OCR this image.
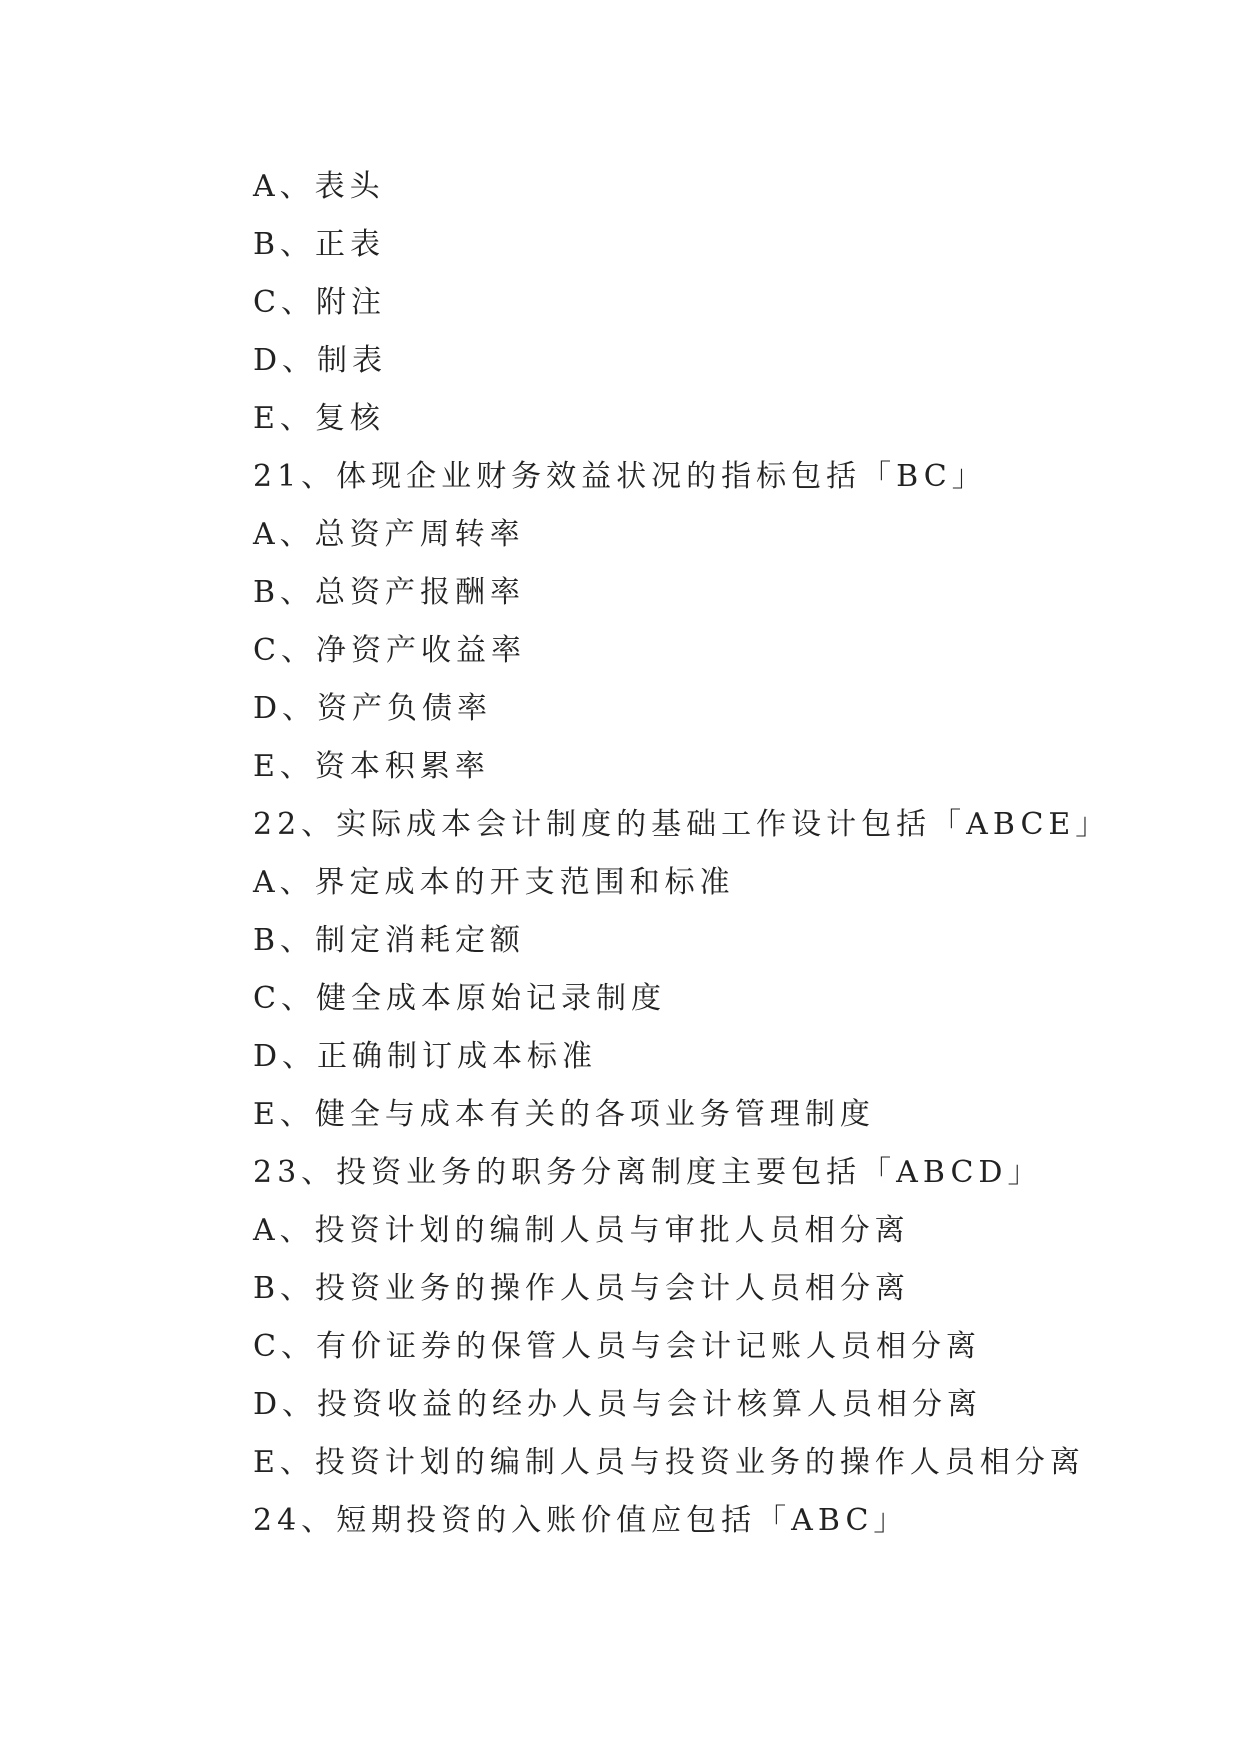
A、表头
B、正表
C、附注
D、制表
E、复核
21、体现企业财务效益状况的指标包括「BC」
A、总资产周转率
B、总资产报酬率
C、净资产收益率
D、资产负债率
E、资本积累率
22、实际成本会计制度的基础工作设计包括「ABCE」
A、界定成本的开支范围和标准
B、制定消耗定额
C、健全成本原始记录制度
D、正确制订成本标准
E、健全与成本有关的各项业务管理制度
23、投资业务的职务分离制度主要包括「ABCD」
A、投资计划的编制人员与审批人员相分离
B、投资业务的操作人员与会计人员相分离
C、有价证券的保管人员与会计记账人员相分离
D、投资收益的经办人员与会计核算人员相分离
E、投资计划的编制人员与投资业务的操作人员相分离
24、短期投资的入账价值应包括「ABC」
